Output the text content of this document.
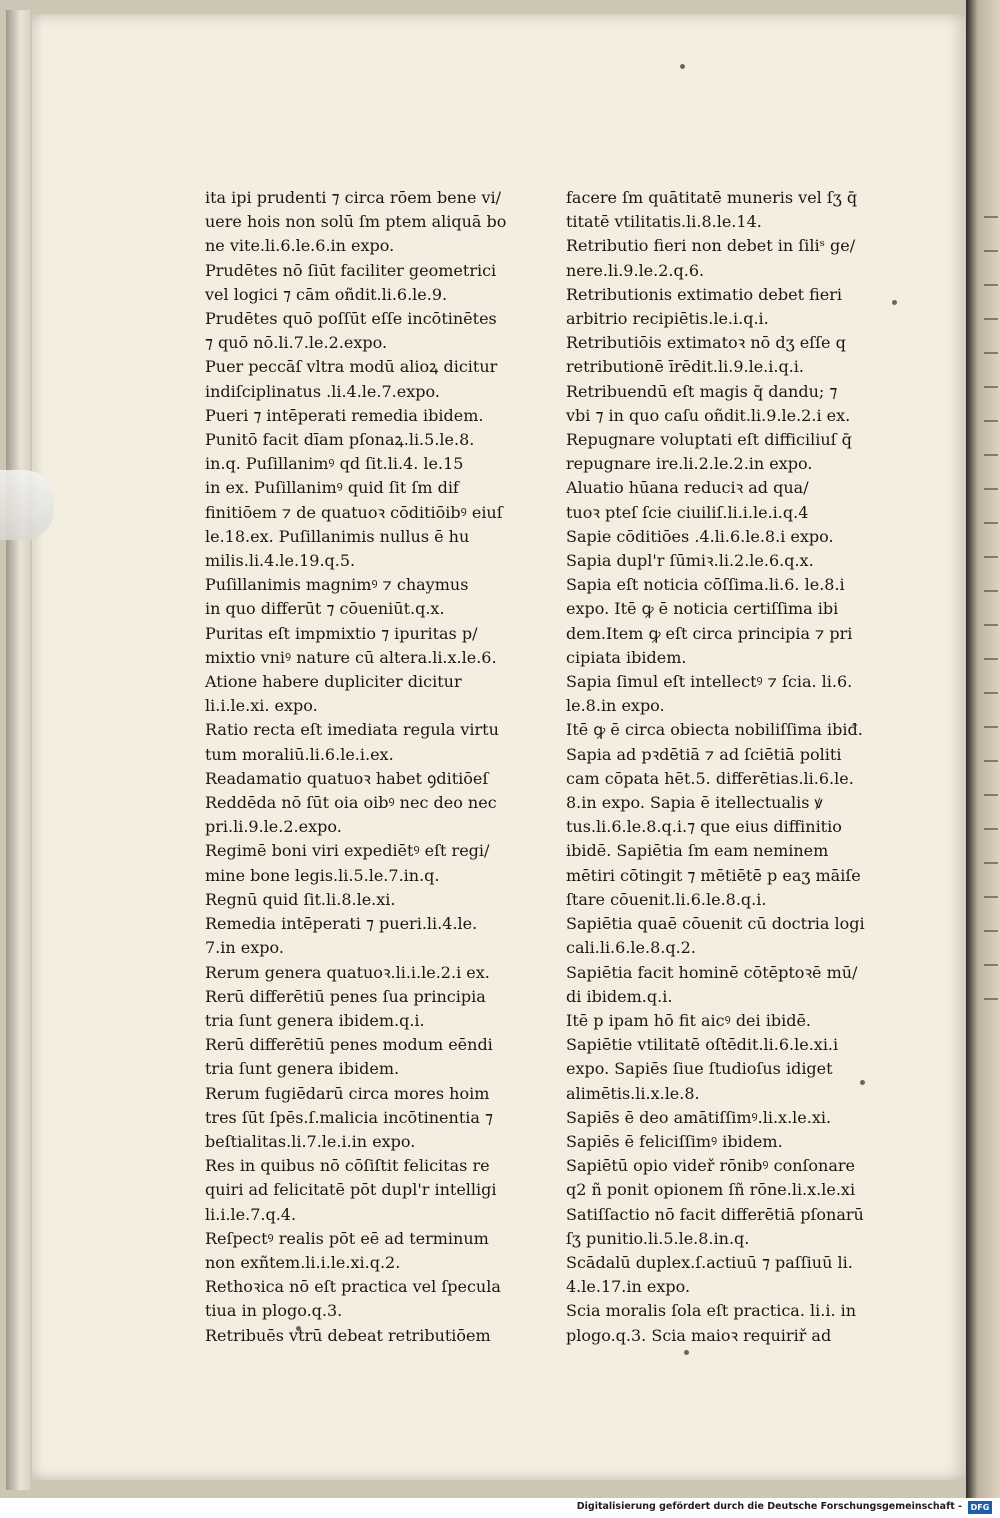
ita ipi prudenti ⁊ circa rōem bene vi/
uere hois non solū ſm ptem aliquā bo
ne vite.li.6.le.6.in expo.
Prudētes nō ſiūt faciliter geometrici
vel logici ⁊ cām oñdit.li.6.le.9.
Prudētes quō poſſūt eſſe incōtinētes
⁊ quō nō.li.7.le.2.expo.
Puer peccāſ vltra modū alioꝝ dicitur
indiſciplinatus .li.4.le.7.expo.
Pueri ⁊ intēperati remedia ibidem.
Punitō facit dīam pſonaꝝ.li.5.le.8.
in.q. Puſillanimꝰ qd ſit.li.4. le.15
in ex. Puſillanimꝰ quid ſit ſm dif
finitiōem ⁊ de quatuoꝛ cōditiōibꝰ eiuſ
le.18.ex. Puſillanimis nullus ē hu
milis.li.4.le.19.q.5.
Puſillanimis magnimꝰ ⁊ chaymus
in quo differūt ⁊ cōueniūt.q.x.
Puritas eſt impmixtio ⁊ ipuritas p/
mixtio vniꝰ nature cū altera.li.x.le.6.
Atione habere dupliciter dicitur
li.i.le.xi. expo.
Ratio recta eſt imediata regula virtu
tum moraliū.li.6.le.i.ex.
Readamatio quatuoꝛ habet ꝯditiōeſ
Reddēda nō ſūt oia oibꝰ nec deo nec
pri.li.9.le.2.expo.
Regimē boni viri expediētꝰ eſt regi/
mine bone legis.li.5.le.7.in.q.
Regnū quid ſit.li.8.le.xi.
Remedia intēperati ⁊ pueri.li.4.le.
7.in expo.
Rerum genera quatuoꝛ.li.i.le.2.i ex.
Rerū differētiū penes ſua principia
tria ſunt genera ibidem.q.i.
Rerū differētiū penes modum eēndi
tria ſunt genera ibidem.
Rerum fugiēdarū circa mores hoim
tres ſūt ſpēs.ſ.malicia incōtinentia ⁊
beſtialitas.li.7.le.i.in expo.
Res in quibus nō cōſiſtit felicitas re
quiri ad felicitatē pōt dupl'r intelligi
li.i.le.7.q.4.
Reſpectꝰ realis pōt eē ad terminum
non exñtem.li.i.le.xi.q.2.
Rethoꝛica nō eſt practica vel ſpecula
tiua in plogo.q.3.
Retribuēs vtrū debeat retributiōem
facere ſm quātitatē muneris vel ſʒ q̄
titatē vtilitatis.li.8.le.14.
Retributio fieri non debet in ſiliˢ ge/
nere.li.9.le.2.q.6.
Retributionis extimatio debet fieri
arbitrio recipiētis.le.i.q.i.
Retributiōis extimatoꝛ nō dʒ eſſe q
retributionē īrēdit.li.9.le.i.q.i.
Retribuendū eſt magis q̄ dandu; ⁊
vbi ⁊ in quo caſu oñdit.li.9.le.2.i ex.
Repugnare voluptati eſt difficiliuſ q̄
repugnare ire.li.2.le.2.in expo.
Aluatio hūana reduciꝛ ad qua/
tuoꝛ pteſ ſcie ciuiliſ.li.i.le.i.q.4
Sapie cōditiōes .4.li.6.le.8.i expo.
Sapia dupl'r ſūmiꝛ.li.2.le.6.q.x.
Sapia eſt noticia cōſſima.li.6. le.8.i
expo. Itē ꝙ ē noticia certiſſima ibi
dem.Item ꝙ eſt circa principia ⁊ pri
cipiata ibidem.
Sapia ſimul eſt intellectꝰ ⁊ ſcia. li.6.
le.8.in expo.
Itē ꝙ ē circa obiecta nobiliſſima ibiđ.
Sapia ad pꝛdētiā ⁊ ad ſciētiā politi
cam cōpata hēt.5. differētias.li.6.le.
8.in expo. Sapia ē itellectualis ꝟ
tus.li.6.le.8.q.i.⁊ que eius diffinitio
ibidē. Sapiētia ſm eam neminem
mētiri cōtingit ⁊ mētiētē p eaʒ māiſe
ſtare cōuenit.li.6.le.8.q.i.
Sapiētia quaē cōuenit cū doctria logi
cali.li.6.le.8.q.2.
Sapiētia facit hominē cōtēptoꝛē mū/
di ibidem.q.i.
Itē p ipam hō fit aicꝰ dei ibidē.
Sapiētie vtilitatē oſtēdit.li.6.le.xi.i
expo. Sapiēs ſiue ſtudioſus idiget
alimētis.li.x.le.8.
Sapiēs ē deo amātiſſimꝰ.li.x.le.xi.
Sapiēs ē feliciſſimꝰ ibidem.
Sapiētū opio videř rōnibꝰ conſonare
q2 ñ ponit opionem ſñ rōne.li.x.le.xi
Satiſſactio nō facit differētiā pſonarū
ſʒ punitio.li.5.le.8.in.q.
Scādalū duplex.ſ.actiuū ⁊ paſſiuū li.
4.le.17.in expo.
Scia moralis ſola eſt practica. li.i. in
plogo.q.3. Scia maioꝛ requiriř ad
Digitalisierung gefördert durch die Deutsche Forschungsgemeinschaft -	DFG
